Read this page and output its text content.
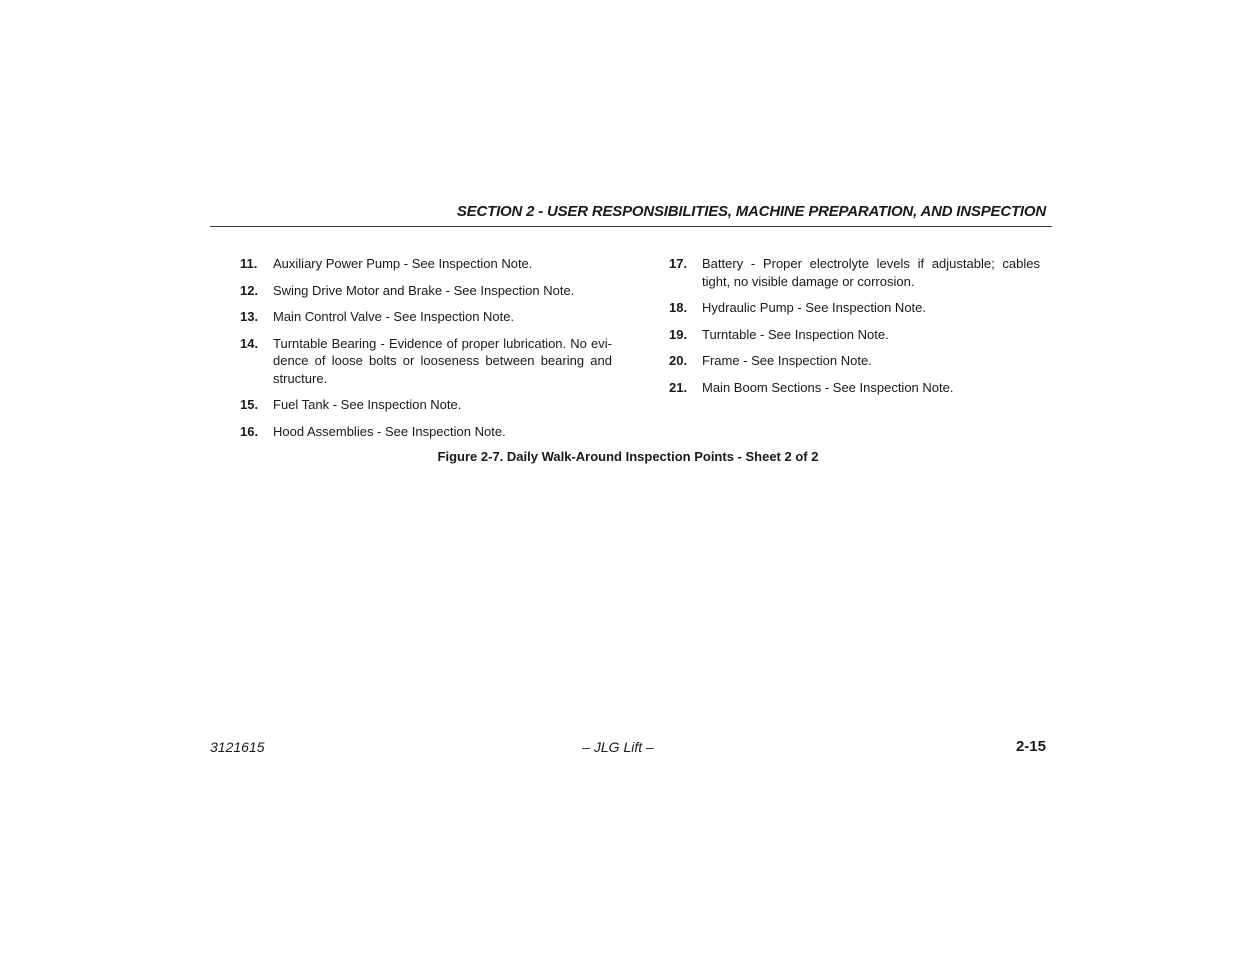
SECTION 2 - USER RESPONSIBILITIES, MACHINE PREPARATION, AND INSPECTION
11.	Auxiliary Power Pump - See Inspection Note.
12.	Swing Drive Motor and Brake - See Inspection Note.
13.	Main Control Valve - See Inspection Note.
14.	Turntable Bearing - Evidence of proper lubrication. No evi-dence of loose bolts or looseness between bearing and structure.
15.	Fuel Tank - See Inspection Note.
16.	Hood Assemblies - See Inspection Note.
17.	Battery - Proper electrolyte levels if adjustable; cables tight, no visible damage or corrosion.
18.	Hydraulic Pump - See Inspection Note.
19.	Turntable - See Inspection Note.
20.	Frame - See Inspection Note.
21.	Main Boom Sections - See Inspection Note.
Figure 2-7. Daily Walk-Around Inspection Points - Sheet 2 of 2
3121615	– JLG Lift –	2-15
